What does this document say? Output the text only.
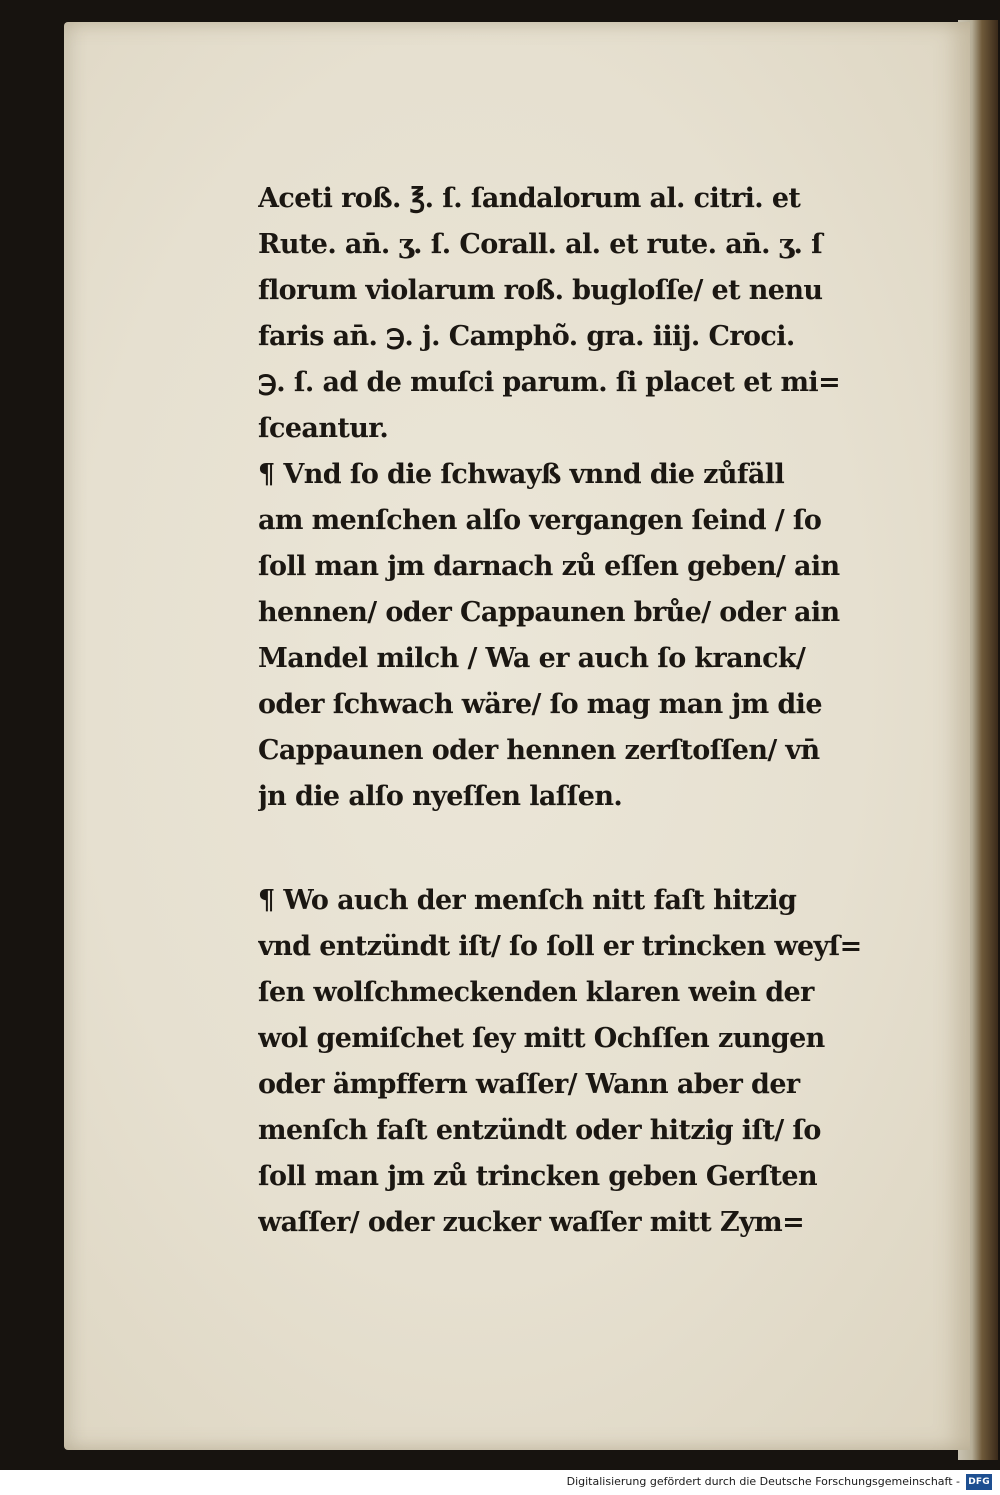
Aceti roß. ℥. ſ. ſandalorum al. citri. et
Rute. an̄. ʒ. ſ. Corall. al. et rute. an̄. ʒ. ſ
florum violarum roß. bugloſſe/ et nenu
faris an̄. ℈. j. Camphõ. gra. iiij. Croci.
℈. ſ. ad de muſci parum. ſi placet et mi=
ſceantur.
¶ Vnd ſo die ſchwayß vnnd die zůfäll
am menſchen alſo vergangen ſeind / ſo
ſoll man jm darnach zů eſſen geben/ ain
hennen/ oder Cappaunen brůe/ oder ain
Mandel milch / Wa er auch ſo kranck/
oder ſchwach wäre/ ſo mag man jm die
Cappaunen oder hennen zerſtoſſen/ vn̄
jn die alſo nyeſſen laſſen.
¶ Wo auch der menſch nitt faſt hitzig
vnd entzündt iſt/ ſo ſoll er trincken weyſ=
ſen wolſchmeckenden klaren wein der
wol gemiſchet ſey mitt Ochſſen zungen
oder ämpffern waſſer/ Wann aber der
menſch faſt entzündt oder hitzig iſt/ ſo
ſoll man jm zů trincken geben Gerſten
waſſer/ oder zucker waſſer mitt Zym=
Digitalisierung gefördert durch die Deutsche Forschungsgemeinschaft - DFG
